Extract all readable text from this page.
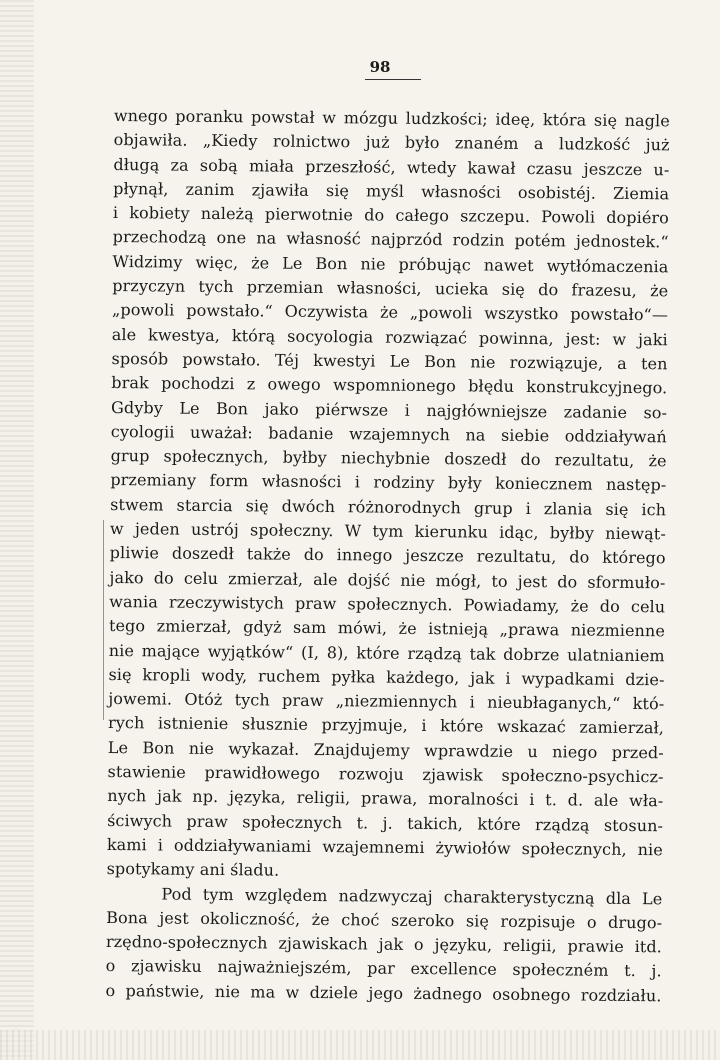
98
wnego poranku powstał w mózgu ludzkości; ideę, która się nagle
objawiła. „Kiedy rolnictwo już było znaném a ludzkość już
długą za sobą miała przeszłość, wtedy kawał czasu jeszcze u-
płynął, zanim zjawiła się myśl własności osobistéj. Ziemia
i kobiety należą pierwotnie do całego szczepu. Powoli dopiéro
przechodzą one na własność najprzód rodzin potém jednostek.“
Widzimy więc, że Le Bon nie próbując nawet wytłómaczenia
przyczyn tych przemian własności, ucieka się do frazesu, że
„powoli powstało.“ Oczywista że „powoli wszystko powstało“—
ale kwestya, którą socyologia rozwiązać powinna, jest: w jaki
sposób powstało. Téj kwestyi Le Bon nie rozwiązuje, a ten
brak pochodzi z owego wspomnionego błędu konstrukcyjnego.
Gdyby Le Bon jako piérwsze i najgłówniejsze zadanie so-
cyologii uważał: badanie wzajemnych na siebie oddziaływań
grup społecznych, byłby niechybnie doszedł do rezultatu, że
przemiany form własności i rodziny były koniecznem następ-
stwem starcia się dwóch różnorodnych grup i zlania się ich
w jeden ustrój społeczny. W tym kierunku idąc, byłby niewąt-
pliwie doszedł także do innego jeszcze rezultatu, do którego
jako do celu zmierzał, ale dojść nie mógł, to jest do sformuło-
wania rzeczywistych praw społecznych. Powiadamy, że do celu
tego zmierzał, gdyż sam mówi, że istnieją „prawa niezmienne
nie mające wyjątków“ (I, 8), które rządzą tak dobrze ulatnianiem
się kropli wody, ruchem pyłka każdego, jak i wypadkami dzie-
jowemi. Otóż tych praw „niezmiennych i nieubłaganych,“ któ-
rych istnienie słusznie przyjmuje, i które wskazać zamierzał,
Le Bon nie wykazał. Znajdujemy wprawdzie u niego przed-
stawienie prawidłowego rozwoju zjawisk społeczno-psychicz-
nych jak np. języka, religii, prawa, moralności i t. d. ale wła-
ściwych praw społecznych t. j. takich, które rządzą stosun-
kami i oddziaływaniami wzajemnemi żywiołów społecznych, nie
spotykamy ani śladu.
Pod tym względem nadzwyczaj charakterystyczną dla Le
Bona jest okoliczność, że choć szeroko się rozpisuje o drugo-
rzędno-społecznych zjawiskach jak o języku, religii, prawie itd.
o zjawisku najważniejszém, par excellence społeczném t. j.
o państwie, nie ma w dziele jego żadnego osobnego rozdziału.
